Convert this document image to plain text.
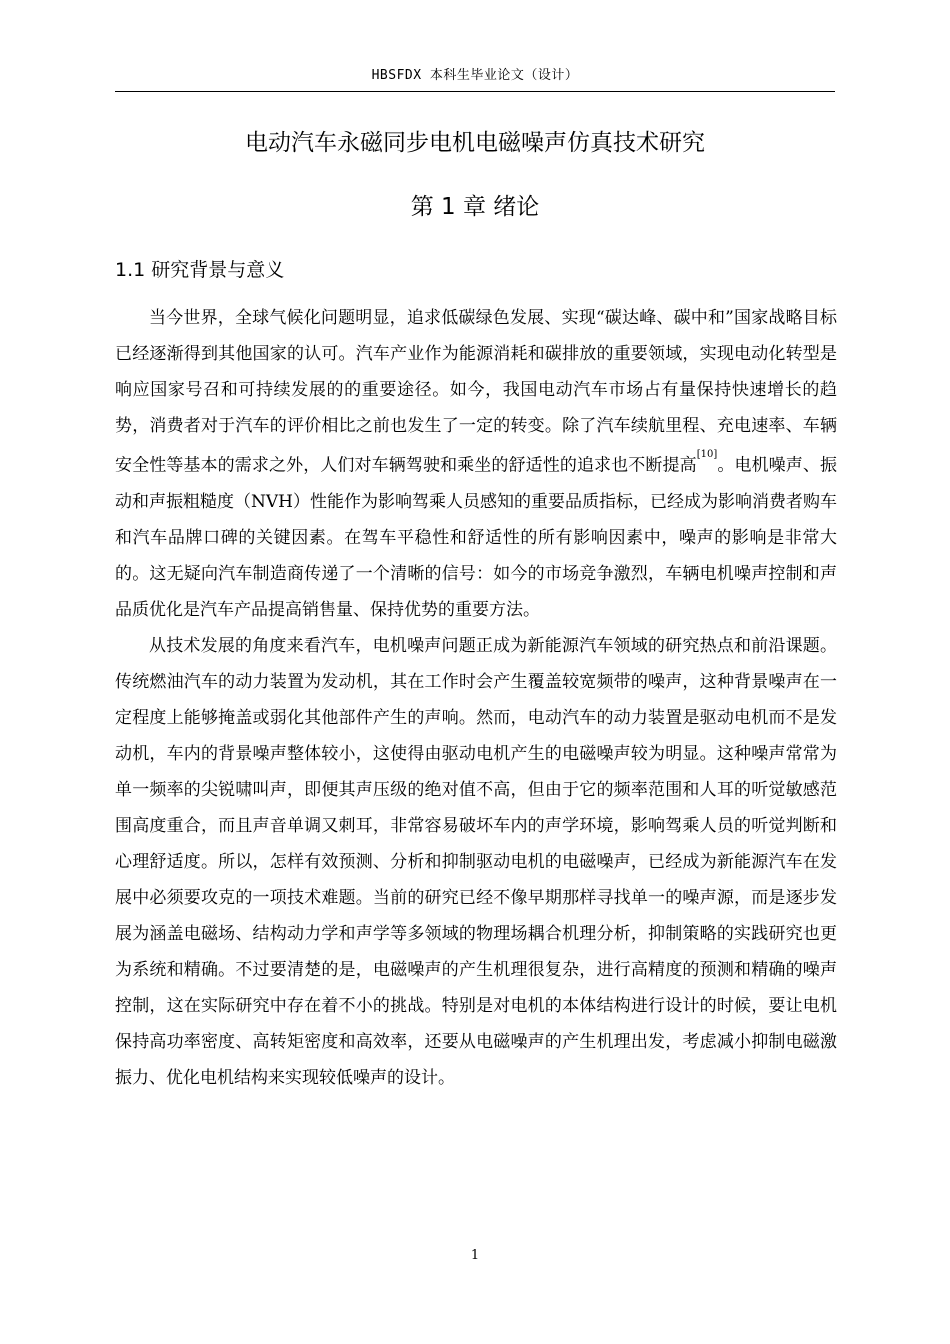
HBSFDX 本科生毕业论文（设计）
电动汽车永磁同步电机电磁噪声仿真技术研究
第 1 章 绪论
1.1 研究背景与意义

当今世界，全球气候化问题明显，追求低碳绿色发展、实现“碳达峰、碳中和”国家战略目标已经逐渐得到其他国家的认可。汽车产业作为能源消耗和碳排放的重要领域，实现电动化转型是响应国家号召和可持续发展的的重要途径。如今，我国电动汽车市场占有量保持快速增长的趋势，消费者对于汽车的评价相比之前也发生了一定的转变。除了汽车续航里程、充电速率、车辆安全性等基本的需求之外，人们对车辆驾驶和乘坐的舒适性的追求也不断提高[10]。电机噪声、振动和声振粗糙度（NVH）性能作为影响驾乘人员感知的重要品质指标，已经成为影响消费者购车和汽车品牌口碑的关键因素。在驾车平稳性和舒适性的所有影响因素中，噪声的影响是非常大的。这无疑向汽车制造商传递了一个清晰的信号：如今的市场竞争激烈，车辆电机噪声控制和声品质优化是汽车产品提高销售量、保持优势的重要方法。

从技术发展的角度来看汽车，电机噪声问题正成为新能源汽车领域的研究热点和前沿课题。传统燃油汽车的动力装置为发动机，其在工作时会产生覆盖较宽频带的噪声，这种背景噪声在一定程度上能够掩盖或弱化其他部件产生的声响。然而，电动汽车的动力装置是驱动电机而不是发动机，车内的背景噪声整体较小，这使得由驱动电机产生的电磁噪声较为明显。这种噪声常常为单一频率的尖锐啸叫声，即便其声压级的绝对值不高，但由于它的频率范围和人耳的听觉敏感范围高度重合，而且声音单调又刺耳，非常容易破坏车内的声学环境，影响驾乘人员的听觉判断和心理舒适度。所以，怎样有效预测、分析和抑制驱动电机的电磁噪声，已经成为新能源汽车在发展中必须要攻克的一项技术难题。当前的研究已经不像早期那样寻找单一的噪声源，而是逐步发展为涵盖电磁场、结构动力学和声学等多领域的物理场耦合机理分析，抑制策略的实践研究也更为系统和精确。不过要清楚的是，电磁噪声的产生机理很复杂，进行高精度的预测和精确的噪声控制，这在实际研究中存在着不小的挑战。特别是对电机的本体结构进行设计的时候，要让电机保持高功率密度、高转矩密度和高效率，还要从电磁噪声的产生机理出发，考虑减小抑制电磁激振力、优化电机结构来实现较低噪声的设计。

1
